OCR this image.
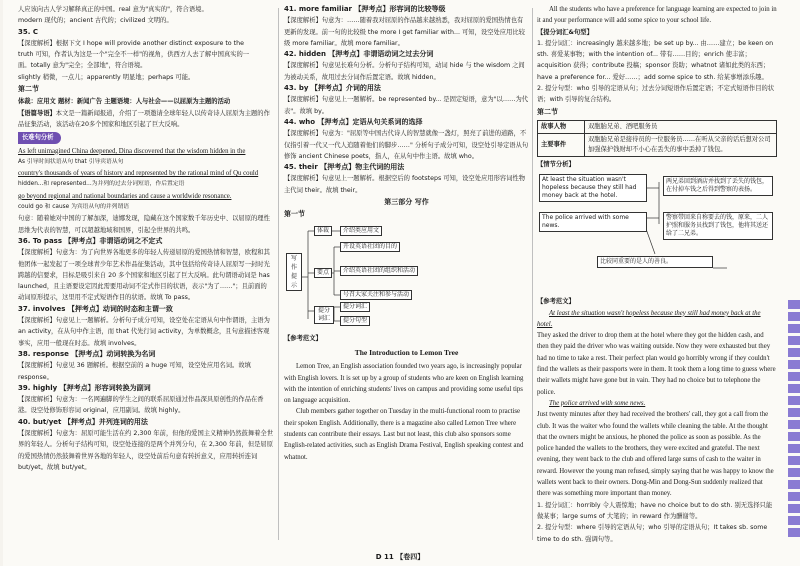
人应该向古人学习解释真正的中国。real 意为"真实的"，符合语境。

modern 现代的；ancient 古代的；civilized 文明的。

35. C

【深度解析】根据下文 I hope will provide another distinct exposure to the

truth 可知，作者认为这是一个"完全不一样"的视角，供西方人去了解中国真实的一

面。totally 意为"完全；全部地"，符合语境。

slightly 稍微，一点儿；apparently 明显地；perhaps 可能。

第二节

体裁：应用文 题材：新闻广告 主题语境：人与社会——以屈原为主题的活动

【语篇导语】本文是一篇新闻报道，介绍了一项邀请全球年轻人以传奇诗人屈原为主题的作品征集活动，该活动在20多个国家和地区引起了巨大反响。

长难句分析

As left unimagined China deepened, Dina discovered that the wisdom hidden in the

As 引导时间状语从句 that 引导宾语从句

country's thousands of years of history and represented by the rational mind of Qu could

hidden...和 represented...为并列的过去分词短语，作后置定语

go beyond regional and national boundaries and cause a worldwide resonance.

could go 和 cause 为宾语从句的并列谓语

句意：随着她对中国的了解加深，迪娜发现，隐藏在这个国家数千年历史中、以屈原的理性思维为代表的智慧，可以超越地域和国界，引起全世界的共鸣。

36. To pass 【押考点】非谓语动词之不定式

【深度解析】句意为：为了向世界各地更多的年轻人传递屈原的爱国热情和智慧，欧程和其他团体一起发起了一项全球青少年艺术作品征集活动，其中包括给传奇诗人屈原写一封时光跨越的信要求，目标是吸引来自 20 多个国家和地区引起了巨大反响。此句谓语动词是 has launched，且主语要设定因此需要用动词不定式作目的状语，表示"为了……"；且前面的动词原形提示，这里用不定式短语作目的状语。故填 To pass。

37. involves 【押考点】动词的时态和主谓一致

【深度解析】句意见上一题解析。分析句子成分可知，设空处在定语从句中作谓语，主语为 an activity，在从句中作主语，而 that 代先行词 activity，为单数概念，且句意描述客观事实，应用一般现在时态。故填 involves。

38. response 【押考点】动词转换为名词

【深度解析】句意见 36 题解析。根据空前的 a huge 可知，设空处应用名词。故填 response。

39. highly 【押考点】形容词转换为副词

【深度解析】句意为：一名网遍脚的学生之间的联系屈原通过作品深具原创性的作品在香港。设空处修饰形容词 original，应用副词。故填 highly。

40. but/yet 【押考点】并列连词的用法

【深度解析】句意为：屈原可能生活在约 2,300 年前，但他的爱国主义精神仍然鼓舞着全世界的年轻人。分析句子结构可知，设空处连接的是两个并列分句，在 2,300 年前，但是屈原的爱国热情仍然鼓舞着世界各地的年轻人，设空处前后句意有转折意义，应用转折连词 but/yet。故填 but/yet。

41. more familiar 【押考点】形容词的比较等级

【深度解析】句意为：……随着我对屈原的作品越来越熟悉，我对屈原的爱国热情也有更新的发现。前一句的比较级 the more I get familiar with... 可知，设空处应用比较级 more familiar。故填 more familiar。

42. hidden 【押考点】非谓语动词之过去分词

【深度解析】句意见长难句分析。分析句子结构可知，动词 hide 与 the wisdom 之间为被动关系，故用过去分词作后置定语。故填 hidden。

43. by 【押考点】介词的用法

【深度解析】句意见上一题解析。be represented by... 是固定短语，意为"以……为代表"。故填 by。

44. who 【押考点】定语从句关系词的选择

【深度解析】句意为："屈原等中国古代诗人的智慧就像一盏灯，照亮了前进的道路，不仅指引着一代又一代人追随着他们的脚步……" 分析句子成分可知，设空处引导定语从句修饰 ancient Chinese poets，指人，在从句中作主语。故填 who。

45. their 【押考点】物主代词的用法

【深度解析】句意见上一题解析。根据空后的 footsteps 可知，设空处应用形容词性物主代词 their。故填 their。

第三部分 写作

第一节

写作提示
体裁	介绍类应用文
要点
开设英语社团的目的
介绍英语社团的组织和活动
号召大家关注和参与活动
提分词汇
提分词汇
提分句型

【参考范文】

The Introduction to Lemon Tree

Lemon Tree, an English association founded two years ago, is increasingly popular with English lovers. It is set up by a group of students who are keen on English learning with the intention of enriching students' lives on campus and providing some useful tips on language acquisition.

Club members gather together on Tuesday in the multi-functional room to practise their spoken English. Additionally, there is a magazine also called Lemon Tree where students can contribute their essays. Last but not least, this club also sponsors some English-related activities, such as English Drama Festival, English speaking contest and whatnot.

All the students who have a preference for language learning are expected to join in it and your performance will add some spice to your school life.

【提分词汇&句型】

1. 提分词汇：increasingly 越来越多地；be set up by... 由……建立；be keen on sth. 喜爱某事物；with the intention of... 带有……目的；enrich 使丰富；acquisition 获得；contribute 投稿；sponsor 资助；whatnot 诸如此类的东西；have a preference for... 爱好……；add some spice to sth. 给某事增添乐趣。

2. 提分句型：who 引导的定语从句；过去分词短语作后置定语；不定式短语作目的状语；with 引导的复合结构。

第二节

故事人物	双胞胎兄弟、酒吧服务员
主要事件	双胞胎兄弟是接待员的一位服务员……在听从父亲的话后想对公司加强保护钱财却不小心在丢失的事中丢掉了钱包。

【情节分析】

At least the situation wasn't hopeless because they still had money back at the hotel.
两兄弟回到酒店并找到了丢失的钱包，在付掉车钱之后得到警察的表扬。
The police arrived with some news.
警察带回来自称要去的钱，原来，二人护照和服务员找到了钱包，他将其送还给了二兄弟。
比较同重要的是人的善良。

【参考范文】

At least the situation wasn't hopeless because they still had money back at the hotel.

They asked the driver to drop them at the hotel where they got the hidden cash, and then they paid the driver who was waiting outside. Now they were exhausted but they had no time to take a rest. Their perfect plan would go horribly wrong if they couldn't find the wallets as their passports were in them. It took them a long time to guess where their wallets might have gone but in vain. They had no choice but to telephone the police.

The police arrived with some news.

Just twenty minutes after they had received the brothers' call, they got a call from the club. It was the waiter who found the wallets while cleaning the table. At the thought that the owners might be anxious, he phoned the police as soon as possible. As the police handed the wallets to the brothers, they were excited and grateful. The next evening, they went back to the club and offered large sums of cash to the waiter in reward. However the young man refused, simply saying that he was happy to know the wallets went back to their owners. Dong-Min and Dong-Sun suddenly realized that there was something more important than money.

1. 提分词汇：horribly 令人震惊地；have no choice but to do sth. 别无选择只能做某事；large sums of 大笔的；in reward 作为酬谢等。

2. 提分句型：where 引导的定语从句；who 引导的定语从句；It takes sb. some time to do sth. 强调句等。

D 11 【卷四】
